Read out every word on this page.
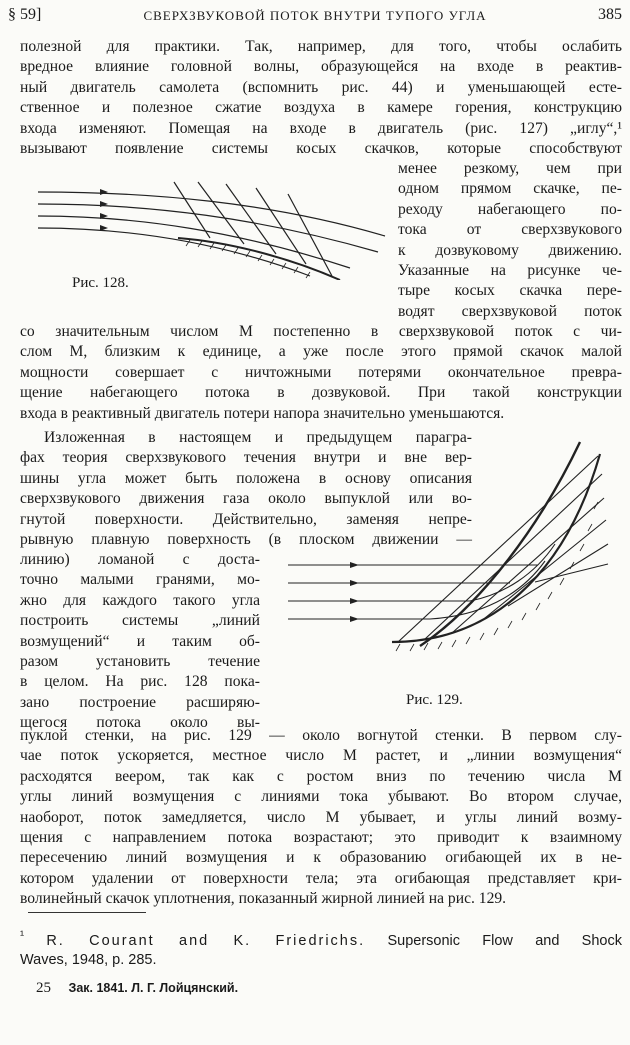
§ 59]	СВЕРХЗВУКОВОЙ ПОТОК ВНУТРИ ТУПОГО УГЛА	385
полезной для практики. Так, например, для того, чтобы ослабить
вредное влияние головной волны, образующейся на входе в реактив-
ный двигатель самолета (вспомнить рис. 44) и уменьшающей есте-
ственное и полезное сжатие воздуха в камере горения, конструкцию
входа изменяют. Помещая на входе в двигатель (рис. 127) „иглу“,¹
вызывают появление системы косых скачков, которые способствуют
Рис. 128.
менее резкому, чем при
одном прямом скачке, пе-
реходу набегающего по-
тока от сверхзвукового
к дозвуковому движению.
Указанные на рисунке че-
тыре косых скачка пере-
водят сверхзвуковой поток
со значительным числом М постепенно в сверхзвуковой поток с чи-
слом М, близким к единице, а уже после этого прямой скачок малой
мощности совершает с ничтожными потерями окончательное превра-
щение набегающего потока в дозвуковой. При такой конструкции
входа в реактивный двигатель потери напора значительно уменьшаются.
Изложенная в настоящем и предыдущем парагра-
фах теория сверхзвукового течения внутри и вне вер-
шины угла может быть положена в основу описания
сверхзвукового движения газа около выпуклой или во-
гнутой поверхности. Действительно, заменяя непре-
рывную плавную поверхность (в плоском движении —
линию) ломаной с доста-
точно малыми гранями, мо-
жно для каждого такого угла
построить системы „линий
возмущений“ и таким об-
разом установить течение
в целом. На рис. 128 пока-
зано построение расширяю-
щегося потока около вы-
Рис. 129.
пуклой стенки, на рис. 129 — около вогнутой стенки. В первом слу-
чае поток ускоряется, местное число М растет, и „линии возмущения“
расходятся веером, так как с ростом вниз по течению числа М
углы линий возмущения с линиями тока убывают. Во втором случае,
наоборот, поток замедляется, число М убывает, и углы линий возму-
щения с направлением потока возрастают; это приводит к взаимному
пересечению линий возмущения и к образованию огибающей их в не-
котором удалении от поверхности тела; эта огибающая представляет кри-
волинейный скачок уплотнения, показанный жирной линией на рис. 129.
$^{^1}$ R. Courant and K. Friedrichs. Supersonic Flow and Shock
Waves, 1948, p. 285.
25 Зак. 1841. Л. Г. Лойцянский.
